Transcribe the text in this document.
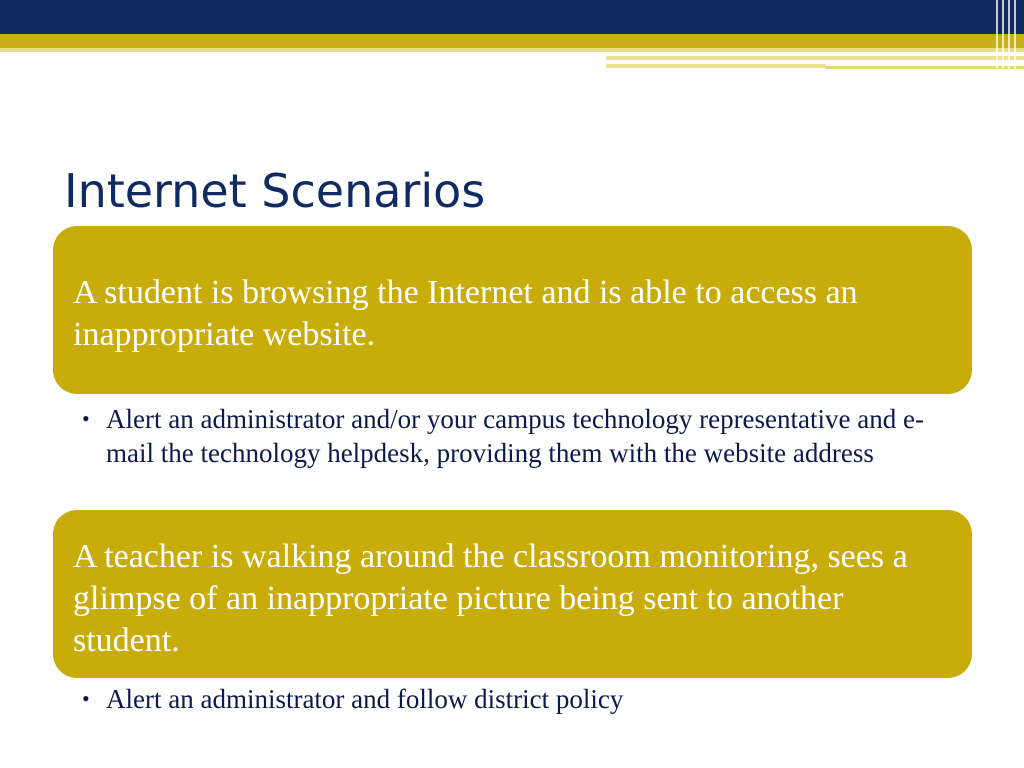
Internet Scenarios
A student is browsing the Internet and is able to access an inappropriate website.
• Alert an administrator and/or your campus technology representative and e-mail the technology helpdesk, providing them with the website address
A teacher is walking around the classroom monitoring, sees a glimpse of an inappropriate picture being sent to another student.
• Alert an administrator and follow district policy
